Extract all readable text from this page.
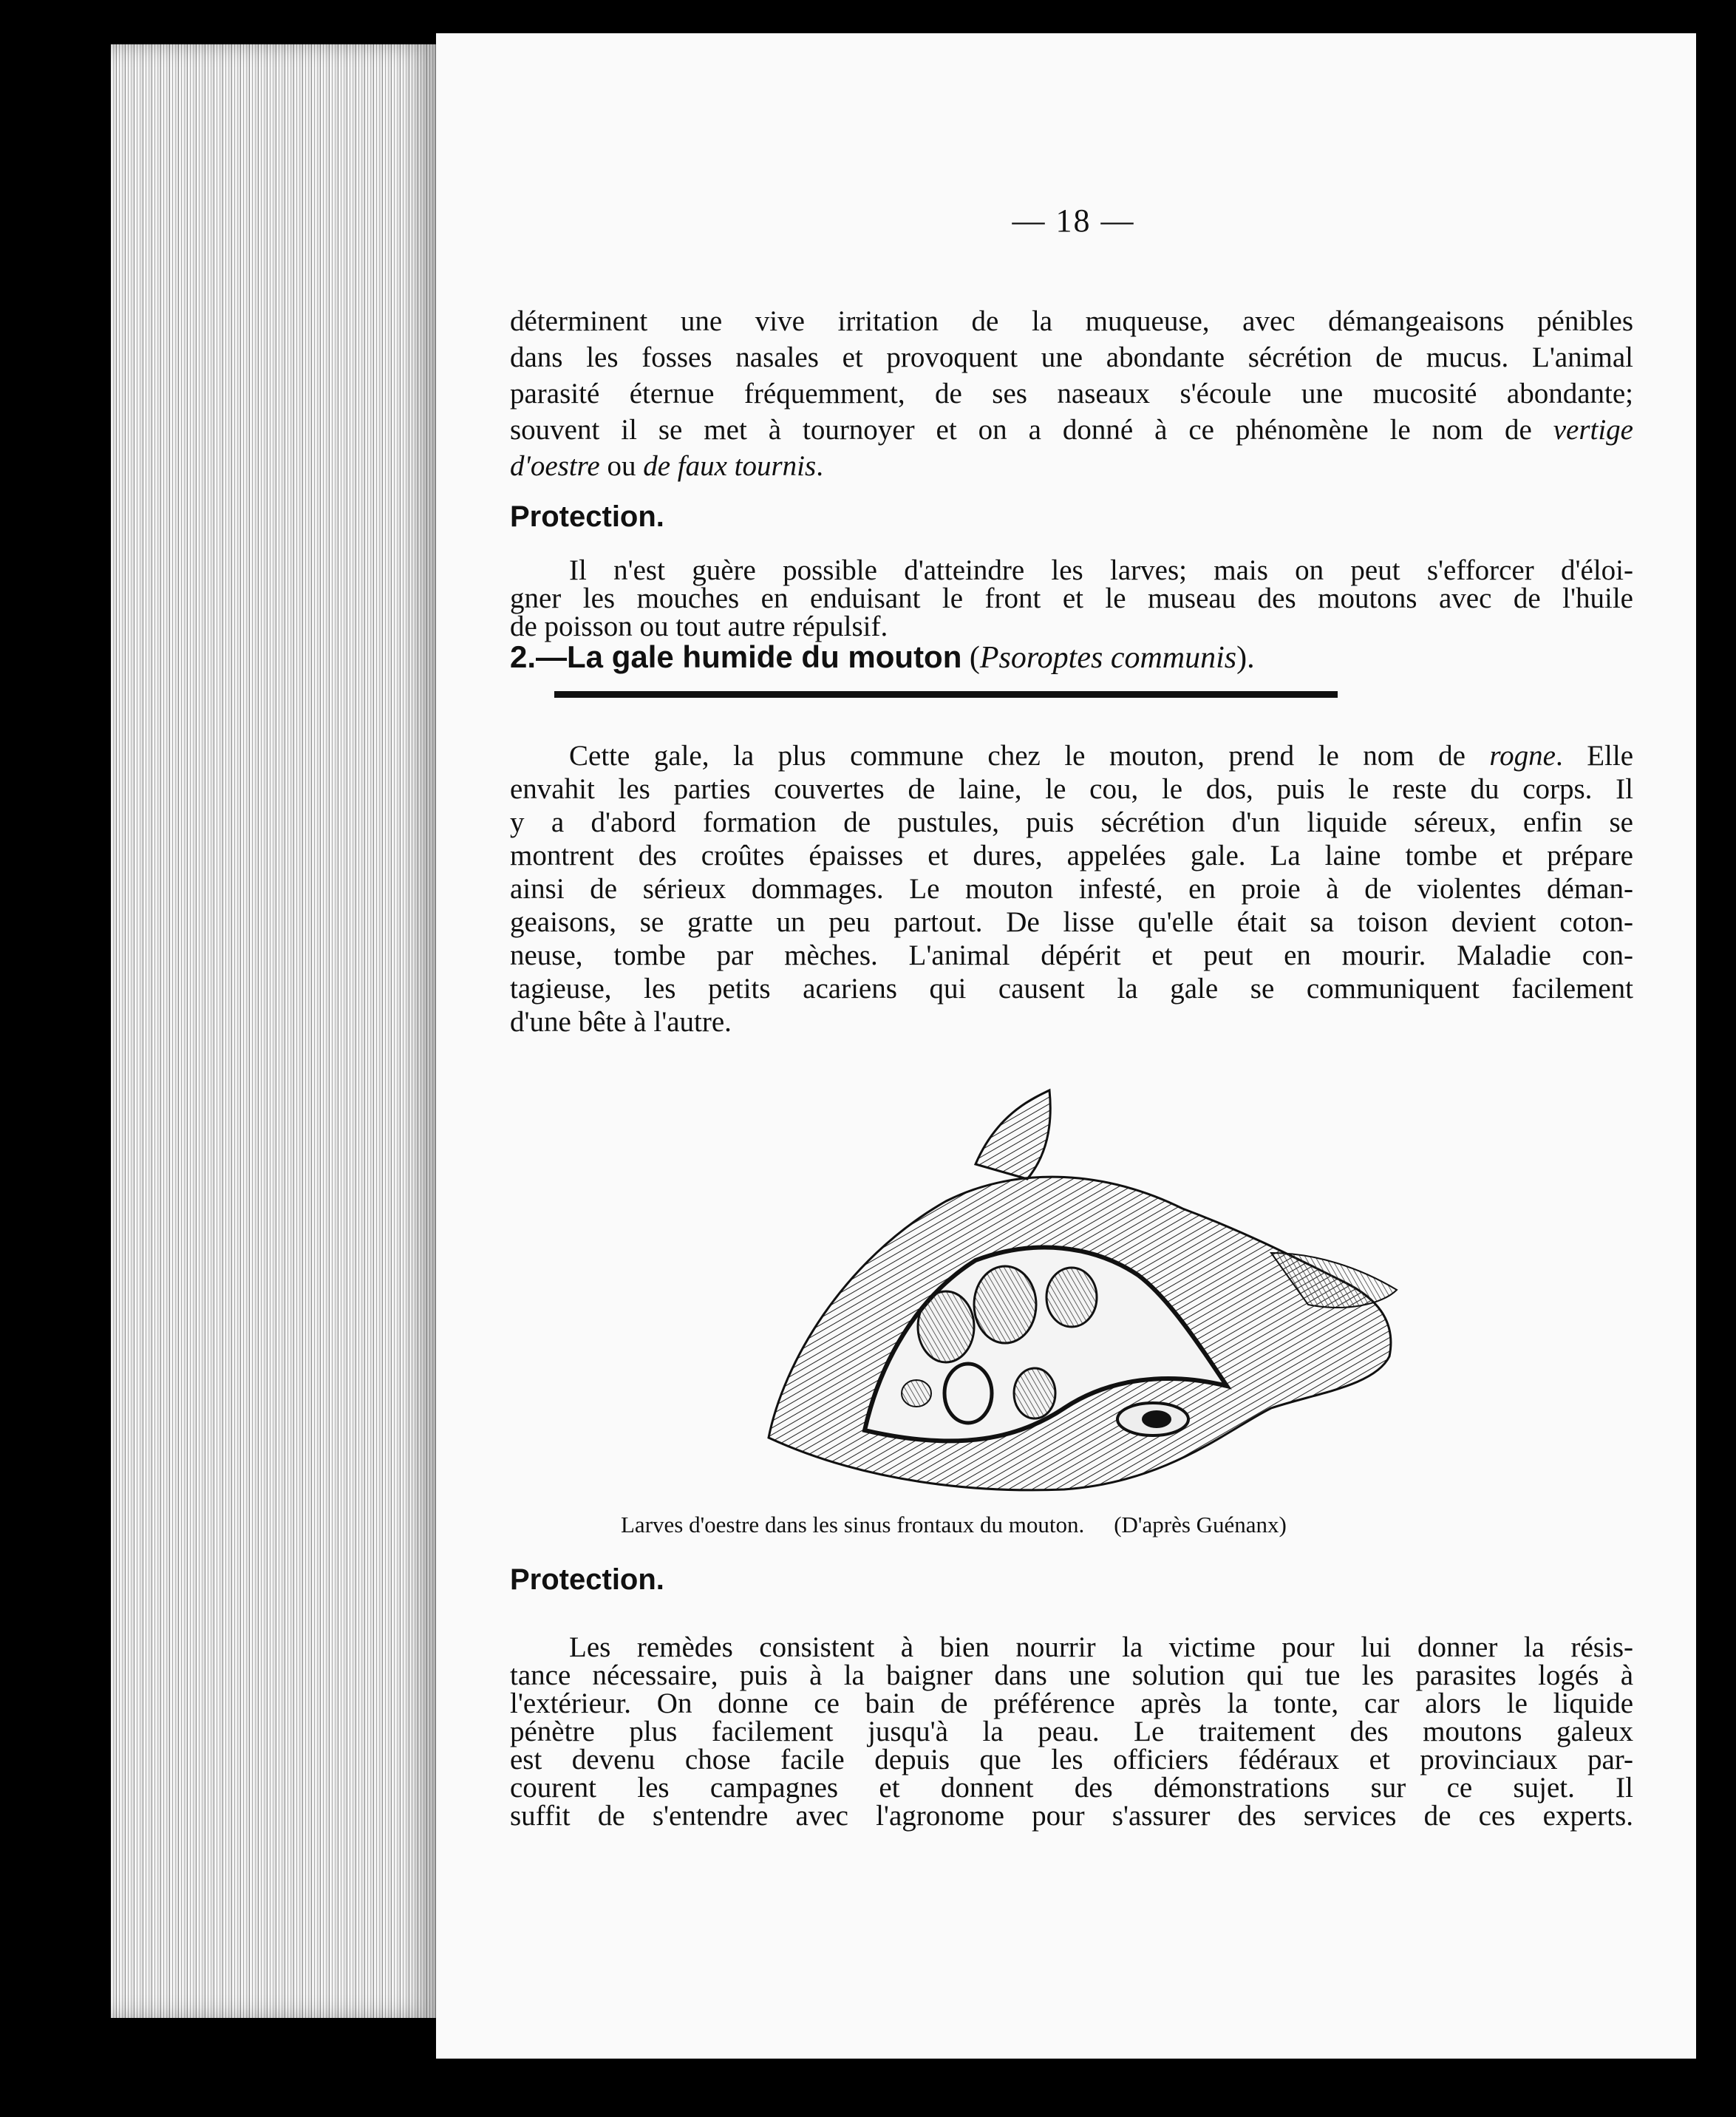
— 18 —
déterminent une vive irritation de la muqueuse, avec démangeaisons pénibles
dans les fosses nasales et provoquent une abondante sécrétion de mucus. L'animal
parasité éternue fréquemment, de ses naseaux s'écoule une mucosité abondante;
souvent il se met à tournoyer et on a donné à ce phénomène le nom de vertige
d'oestre ou de faux tournis.
Protection.
Il n'est guère possible d'atteindre les larves; mais on peut s'efforcer d'éloi-
gner les mouches en enduisant le front et le museau des moutons avec de l'huile
de poisson ou tout autre répulsif.
2.—La gale humide du mouton (Psoroptes communis).
Cette gale, la plus commune chez le mouton, prend le nom de rogne. Elle
envahit les parties couvertes de laine, le cou, le dos, puis le reste du corps. Il
y a d'abord formation de pustules, puis sécrétion d'un liquide séreux, enfin se
montrent des croûtes épaisses et dures, appelées gale. La laine tombe et prépare
ainsi de sérieux dommages. Le mouton infesté, en proie à de violentes déman-
geaisons, se gratte un peu partout. De lisse qu'elle était sa toison devient coton-
neuse, tombe par mèches. L'animal dépérit et peut en mourir. Maladie con-
tagieuse, les petits acariens qui causent la gale se communiquent facilement
d'une bête à l'autre.
Larves d'oestre dans les sinus frontaux du mouton. (D'après Guénanx)
Protection.
Les remèdes consistent à bien nourrir la victime pour lui donner la résis-
tance nécessaire, puis à la baigner dans une solution qui tue les parasites logés à
l'extérieur. On donne ce bain de préférence après la tonte, car alors le liquide
pénètre plus facilement jusqu'à la peau. Le traitement des moutons galeux
est devenu chose facile depuis que les officiers fédéraux et provinciaux par-
courent les campagnes et donnent des démonstrations sur ce sujet. Il
suffit de s'entendre avec l'agronome pour s'assurer des services de ces experts.
